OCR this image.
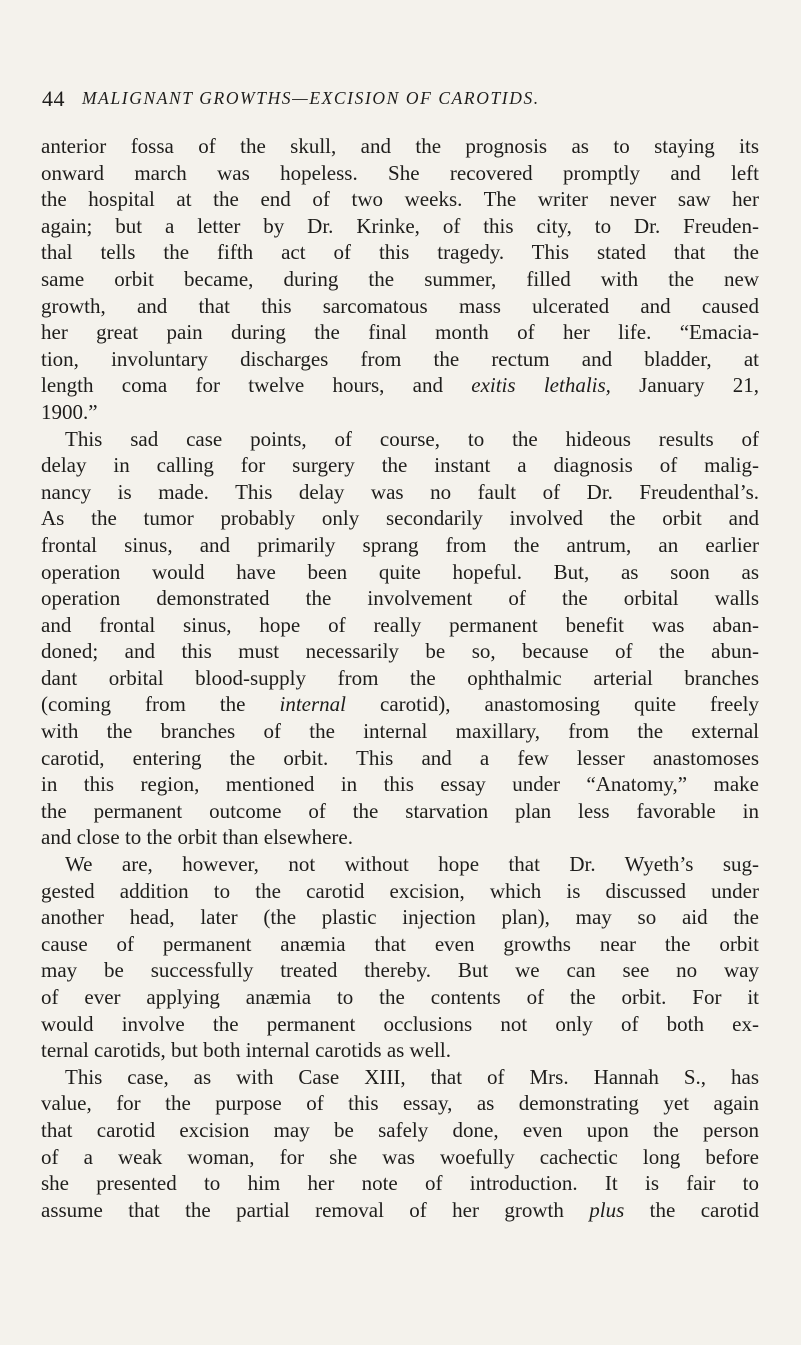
44 MALIGNANT GROWTHS—EXCISION OF CAROTIDS.
anterior fossa of the skull, and the prognosis as to staying its
onward march was hopeless. She recovered promptly and left
the hospital at the end of two weeks. The writer never saw her
again; but a letter by Dr. Krinke, of this city, to Dr. Freuden-
thal tells the fifth act of this tragedy. This stated that the
same orbit became, during the summer, filled with the new
growth, and that this sarcomatous mass ulcerated and caused
her great pain during the final month of her life. “Emacia-
tion, involuntary discharges from the rectum and bladder, at
length coma for twelve hours, and exitis lethalis, January 21,
1900.”
This sad case points, of course, to the hideous results of
delay in calling for surgery the instant a diagnosis of malig-
nancy is made. This delay was no fault of Dr. Freudenthal’s.
As the tumor probably only secondarily involved the orbit and
frontal sinus, and primarily sprang from the antrum, an earlier
operation would have been quite hopeful. But, as soon as
operation demonstrated the involvement of the orbital walls
and frontal sinus, hope of really permanent benefit was aban-
doned; and this must necessarily be so, because of the abun-
dant orbital blood-supply from the ophthalmic arterial branches
(coming from the internal carotid), anastomosing quite freely
with the branches of the internal maxillary, from the external
carotid, entering the orbit. This and a few lesser anastomoses
in this region, mentioned in this essay under “Anatomy,” make
the permanent outcome of the starvation plan less favorable in
and close to the orbit than elsewhere.
We are, however, not without hope that Dr. Wyeth’s sug-
gested addition to the carotid excision, which is discussed under
another head, later (the plastic injection plan), may so aid the
cause of permanent anæmia that even growths near the orbit
may be successfully treated thereby. But we can see no way
of ever applying anæmia to the contents of the orbit. For it
would involve the permanent occlusions not only of both ex-
ternal carotids, but both internal carotids as well.
This case, as with Case XIII, that of Mrs. Hannah S., has
value, for the purpose of this essay, as demonstrating yet again
that carotid excision may be safely done, even upon the person
of a weak woman, for she was woefully cachectic long before
she presented to him her note of introduction. It is fair to
assume that the partial removal of her growth plus the carotid
